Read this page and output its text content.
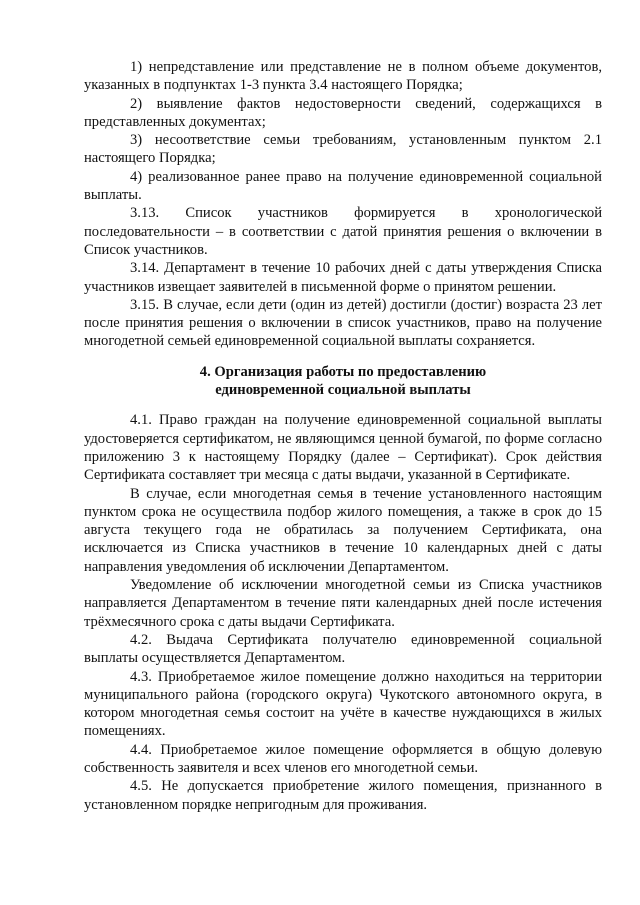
1) непредставление или представление не в полном объеме документов, указанных в подпунктах 1-3 пункта 3.4 настоящего Порядка;

2) выявление фактов недостоверности сведений, содержащихся в представленных документах;

3) несоответствие семьи требованиям, установленным пунктом 2.1 настоящего Порядка;

4) реализованное ранее право на получение единовременной социальной выплаты.

3.13. Список участников формируется в хронологической последовательности – в соответствии с датой принятия решения о включении в Список участников.

3.14. Департамент в течение 10 рабочих дней с даты утверждения Списка участников извещает заявителей в письменной форме о принятом решении.

3.15. В случае, если дети (один из детей) достигли (достиг) возраста 23 лет после принятия решения о включении в список участников, право на получение многодетной семьей единовременной социальной выплаты сохраняется.

4. Организация работы по предоставлению
единовременной социальной выплаты

4.1. Право граждан на получение единовременной социальной выплаты удостоверяется сертификатом, не являющимся ценной бумагой, по форме согласно приложению 3 к настоящему Порядку (далее – Сертификат). Срок действия Сертификата составляет три месяца с даты выдачи, указанной в Сертификате.

В случае, если многодетная семья в течение установленного настоящим пунктом срока не осуществила подбор жилого помещения, а также в срок до 15 августа текущего года не обратилась за получением Сертификата, она исключается из Списка участников в течение 10 календарных дней с даты направления уведомления об исключении Департаментом.

Уведомление об исключении многодетной семьи из Списка участников направляется Департаментом в течение пяти календарных дней после истечения трёхмесячного срока с даты выдачи Сертификата.

4.2. Выдача Сертификата получателю единовременной социальной выплаты осуществляется Департаментом.

4.3. Приобретаемое жилое помещение должно находиться на территории муниципального района (городского округа) Чукотского автономного округа, в котором многодетная семья состоит на учёте в качестве нуждающихся в жилых помещениях.

4.4. Приобретаемое жилое помещение оформляется в общую долевую собственность заявителя и всех членов его многодетной семьи.

4.5. Не допускается приобретение жилого помещения, признанного в установленном порядке непригодным для проживания.
